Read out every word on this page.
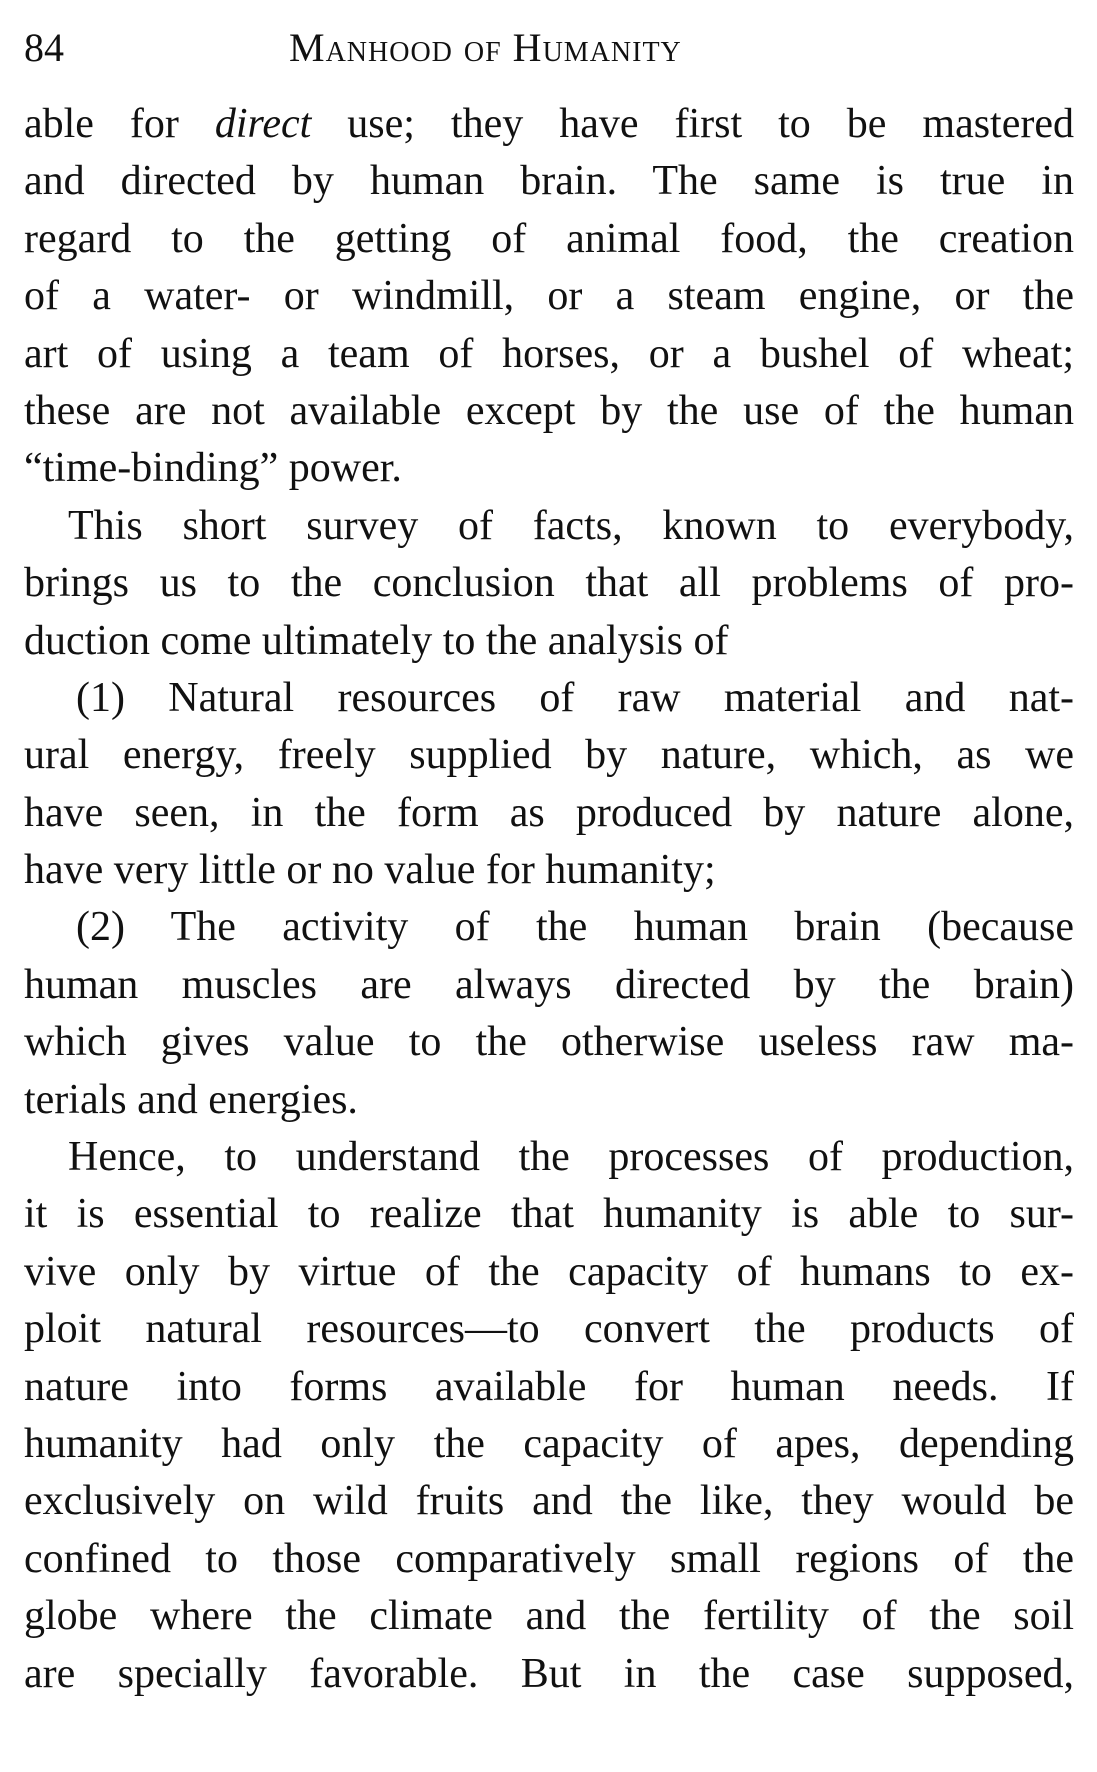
84	Manhood of Humanity
able for direct use; they have first to be mastered
and directed by human brain. The same is true in
regard to the getting of animal food, the creation
of a water- or windmill, or a steam engine, or the
art of using a team of horses, or a bushel of wheat;
these are not available except by the use of the human
“time-binding” power.
This short survey of facts, known to everybody,
brings us to the conclusion that all problems of pro-
duction come ultimately to the analysis of
(1) Natural resources of raw material and nat-
ural energy, freely supplied by nature, which, as we
have seen, in the form as produced by nature alone,
have very little or no value for humanity;
(2) The activity of the human brain (because
human muscles are always directed by the brain)
which gives value to the otherwise useless raw ma-
terials and energies.
Hence, to understand the processes of production,
it is essential to realize that humanity is able to sur-
vive only by virtue of the capacity of humans to ex-
ploit natural resources—to convert the products of
nature into forms available for human needs. If
humanity had only the capacity of apes, depending
exclusively on wild fruits and the like, they would be
confined to those comparatively small regions of the
globe where the climate and the fertility of the soil
are specially favorable. But in the case supposed,
